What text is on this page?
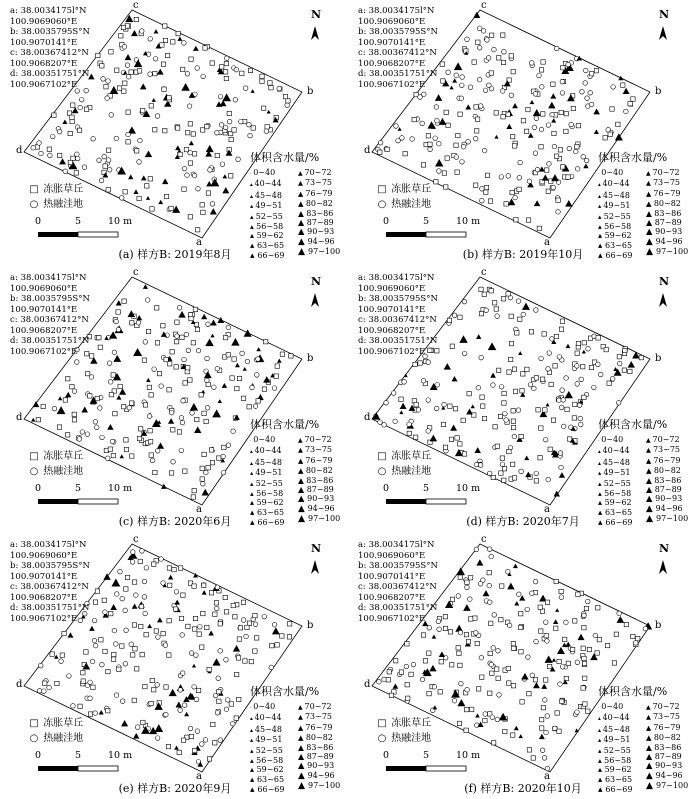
a: 38.0034175l°N
100.9069060°E
b: 38.0035795S°N
100.9070141°E
c: 38.00367412°N
100.9068207°E
d: 38.00351751°N
100.9067102°E
N
c
b
d
a
体积含水量/%
· 0~40
▴ 40~44
▴ 45~48
▴ 49~51
▴ 52~55
▴ 56~58
▴ 59~62
▴ 63~65
▴ 66~69
▲ 70~72
▲ 73~75
▲ 76~79
▲ 80~82
▲ 83~86
▲ 87~89
▲ 90~93
▲ 94~96
▲ 97~100
□ 冻胀草丘
○ 热融洼地
0	5	10 m
(a) 样方B: 2019年8月
a: 38.0034175l°N
100.9069060°E
b: 38.0035795S°N
100.9070141°E
c: 38.00367412°N
100.9068207°E
d: 38.00351751°N
100.9067102°E
N
c
b
d
a
体积含水量/%
· 0~40
▴ 40~44
▴ 45~48
▴ 49~51
▴ 52~55
▴ 56~58
▴ 59~62
▴ 63~65
▴ 66~69
▲ 70~72
▲ 73~75
▲ 76~79
▲ 80~82
▲ 83~86
▲ 87~89
▲ 90~93
▲ 94~96
▲ 97~100
□ 冻胀草丘
○ 热融洼地
0	5	10 m
(b) 样方B: 2019年10月
a: 38.0034175l°N
100.9069060°E
b: 38.0035795S°N
100.9070141°E
c: 38.00367412°N
100.9068207°E
d: 38.00351751°N
100.9067102°E
N
c
b
d
a
体积含水量/%
· 0~40
▴ 40~44
▴ 45~48
▴ 49~51
▴ 52~55
▴ 56~58
▴ 59~62
▴ 63~65
▴ 66~69
▲ 70~72
▲ 73~75
▲ 76~79
▲ 80~82
▲ 83~86
▲ 87~89
▲ 90~93
▲ 94~96
▲ 97~100
□ 冻胀草丘
○ 热融洼地
0	5	10 m
(c) 样方B: 2020年6月
a: 38.0034175l°N
100.9069060°E
b: 38.0035795S°N
100.9070141°E
c: 38.00367412°N
100.9068207°E
d: 38.00351751°N
100.9067102°E
N
c
b
d
a
体积含水量/%
· 0~40
▴ 40~44
▴ 45~48
▴ 49~51
▴ 52~55
▴ 56~58
▴ 59~62
▴ 63~65
▴ 66~69
▲ 70~72
▲ 73~75
▲ 76~79
▲ 80~82
▲ 83~86
▲ 87~89
▲ 90~93
▲ 94~96
▲ 97~100
□ 冻胀草丘
○ 热融洼地
0	5	10 m
(d) 样方B: 2020年7月
a: 38.0034175l°N
100.9069060°E
b: 38.0035795S°N
100.9070141°E
c: 38.00367412°N
100.9068207°E
d: 38.00351751°N
100.9067102°E
N
c
b
d
a
体积含水量/%
· 0~40
▴ 40~44
▴ 45~48
▴ 49~51
▴ 52~55
▴ 56~58
▴ 59~62
▴ 63~65
▴ 66~69
▲ 70~72
▲ 73~75
▲ 76~79
▲ 80~82
▲ 83~86
▲ 87~89
▲ 90~93
▲ 94~96
▲ 97~100
□ 冻胀草丘
○ 热融洼地
0	5	10 m
(e) 样方B: 2020年9月
a: 38.0034175l°N
100.9069060°E
b: 38.0035795S°N
100.9070141°E
c: 38.00367412°N
100.9068207°E
d: 38.00351751°N
100.9067102°E
N
c
b
d
a
体积含水量/%
· 0~40
▴ 40~44
▴ 45~48
▴ 49~51
▴ 52~55
▴ 56~58
▴ 59~62
▴ 63~65
▴ 66~69
▲ 70~72
▲ 73~75
▲ 76~79
▲ 80~82
▲ 83~86
▲ 87~89
▲ 90~93
▲ 94~96
▲ 97~100
□ 冻胀草丘
○ 热融洼地
0	5	10 m
(f) 样方B: 2020年10月
